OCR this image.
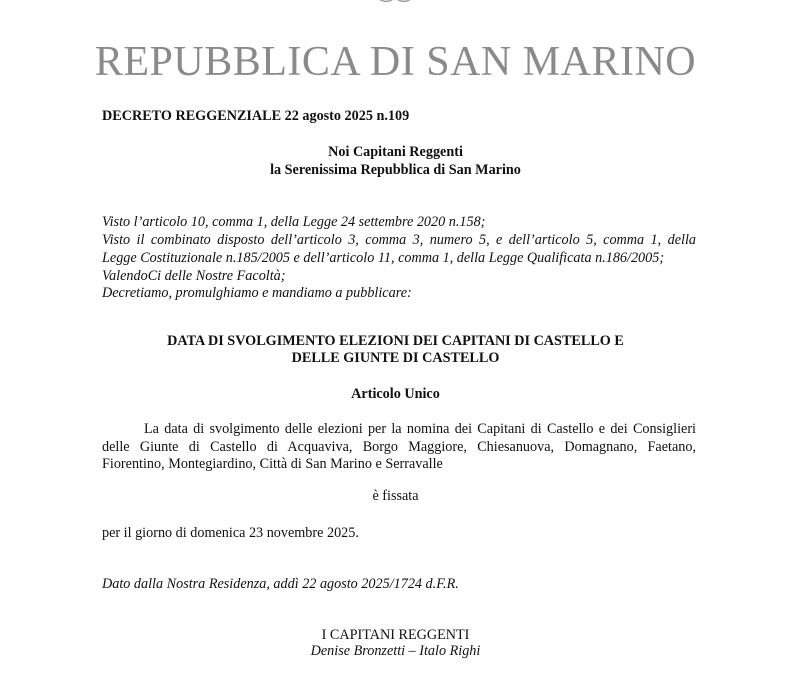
REPUBBLICA DI SAN MARINO
DECRETO REGGENZIALE 22 agosto 2025 n.109
Noi Capitani Reggenti
la Serenissima Repubblica di San Marino
Visto l’articolo 10, comma 1, della Legge 24 settembre 2020 n.158;
Visto il combinato disposto dell’articolo 3, comma 3, numero 5, e dell’articolo 5, comma 1, della
Legge Costituzionale n.185/2005 e dell’articolo 11, comma 1, della Legge Qualificata n.186/2005;
ValendoCi delle Nostre Facoltà;
Decretiamo, promulghiamo e mandiamo a pubblicare:
DATA DI SVOLGIMENTO ELEZIONI DEI CAPITANI DI CASTELLO E
DELLE GIUNTE DI CASTELLO
Articolo Unico
La data di svolgimento delle elezioni per la nomina dei Capitani di Castello e dei Consiglieri
delle Giunte di Castello di Acquaviva, Borgo Maggiore, Chiesanuova, Domagnano, Faetano,
Fiorentino, Montegiardino, Città di San Marino e Serravalle
è fissata
per il giorno di domenica 23 novembre 2025.
Dato dalla Nostra Residenza, addì 22 agosto 2025/1724 d.F.R.
I CAPITANI REGGENTI
Denise Bronzetti – Italo Righi
